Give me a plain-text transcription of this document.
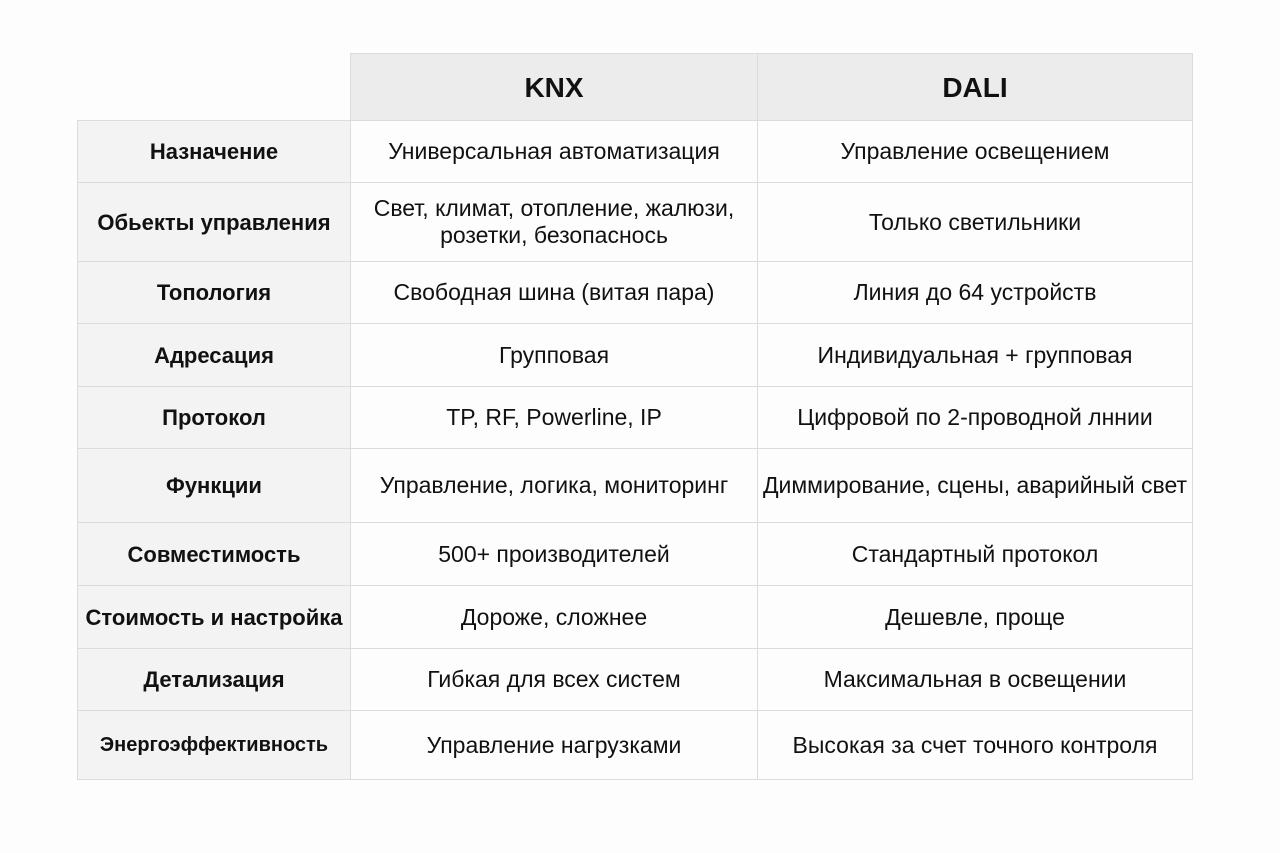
	KNX	DALI
Назначение	Универсальная автоматизация	Управление освещением
Обьекты управления	Свет, климат, отопление, жалюзи, розетки, безопаснось	Только светильники
Топология	Свободная шина (витая пара)	Линия до 64 устройств
Адресация	Групповая	Индивидуальная + групповая
Протокол	TP, RF, Powerline, IP	Цифровой по 2-проводной лннии
Функции	Управление, логика, мониторинг	Диммирование, сцены, аварийный свет
Совместимость	500+ производителей	Стандартный протокол
Стоимость и настройка	Дороже, сложнее	Дешевле, проще
Детализация	Гибкая для всех систем	Максимальная в освещении
Энергоэффективность	Управление нагрузками	Высокая за счет точного контроля
